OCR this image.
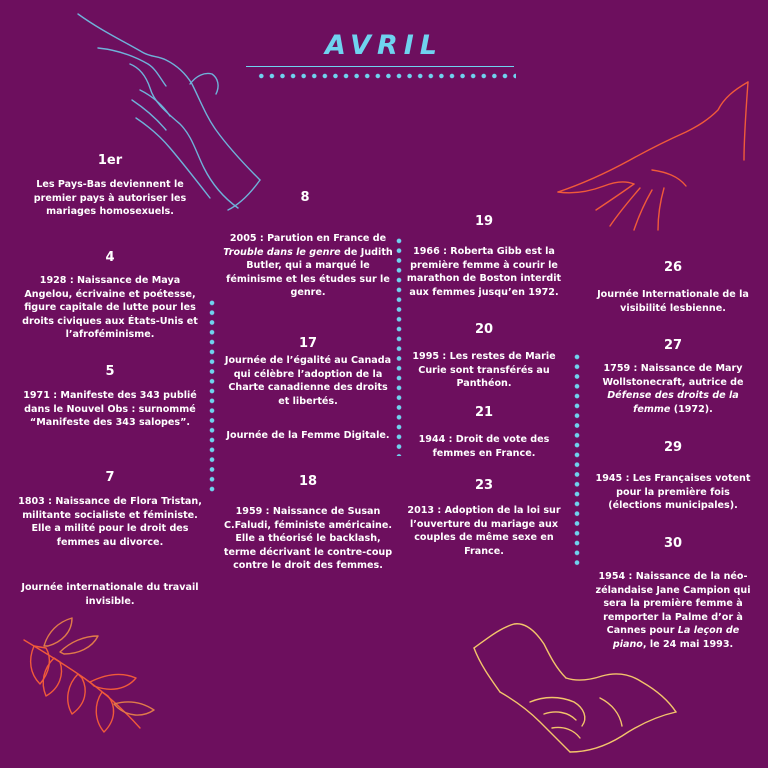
AVRIL
1er
Les Pays-Bas deviennent le
premier pays à autoriser les
mariages homosexuels.
4
1928 : Naissance de Maya
Angelou, écrivaine et poétesse,
figure capitale de lutte pour les
droits civiques aux États-Unis et
l’afroféminisme.
5
1971 : Manifeste des 343 publié
dans le Nouvel Obs : surnommé
“Manifeste des 343 salopes”.
7
1803 : Naissance de Flora Tristan,
militante socialiste et féministe.
Elle a milité pour le droit des
femmes au divorce.
Journée internationale du travail
invisible.
8
2005 : Parution en France de
Trouble dans le genre de Judith
Butler, qui a marqué le
féminisme et les études sur le
genre.
17
Journée de l’égalité au Canada
qui célèbre l’adoption de la
Charte canadienne des droits
et libertés.
Journée de la Femme Digitale.
18
1959 : Naissance de Susan
C.Faludi, féministe américaine.
Elle a théorisé le backlash,
terme décrivant le contre-coup
contre le droit des femmes.
19
1966 : Roberta Gibb est la
première femme à courir le
marathon de Boston interdit
aux femmes jusqu’en 1972.
20
1995 : Les restes de Marie
Curie sont transférés au
Panthéon.
21
1944 : Droit de vote des
femmes en France.
23
2013 : Adoption de la loi sur
l’ouverture du mariage aux
couples de même sexe en
France.
26
Journée Internationale de la
visibilité lesbienne.
27
1759 : Naissance de Mary
Wollstonecraft, autrice de
Défense des droits de la
femme (1972).
29
1945 : Les Françaises votent
pour la première fois
(élections municipales).
30
1954 : Naissance de la néo-
zélandaise Jane Campion qui
sera la première femme à
remporter la Palme d’or à
Cannes pour La leçon de
piano, le 24 mai 1993.
